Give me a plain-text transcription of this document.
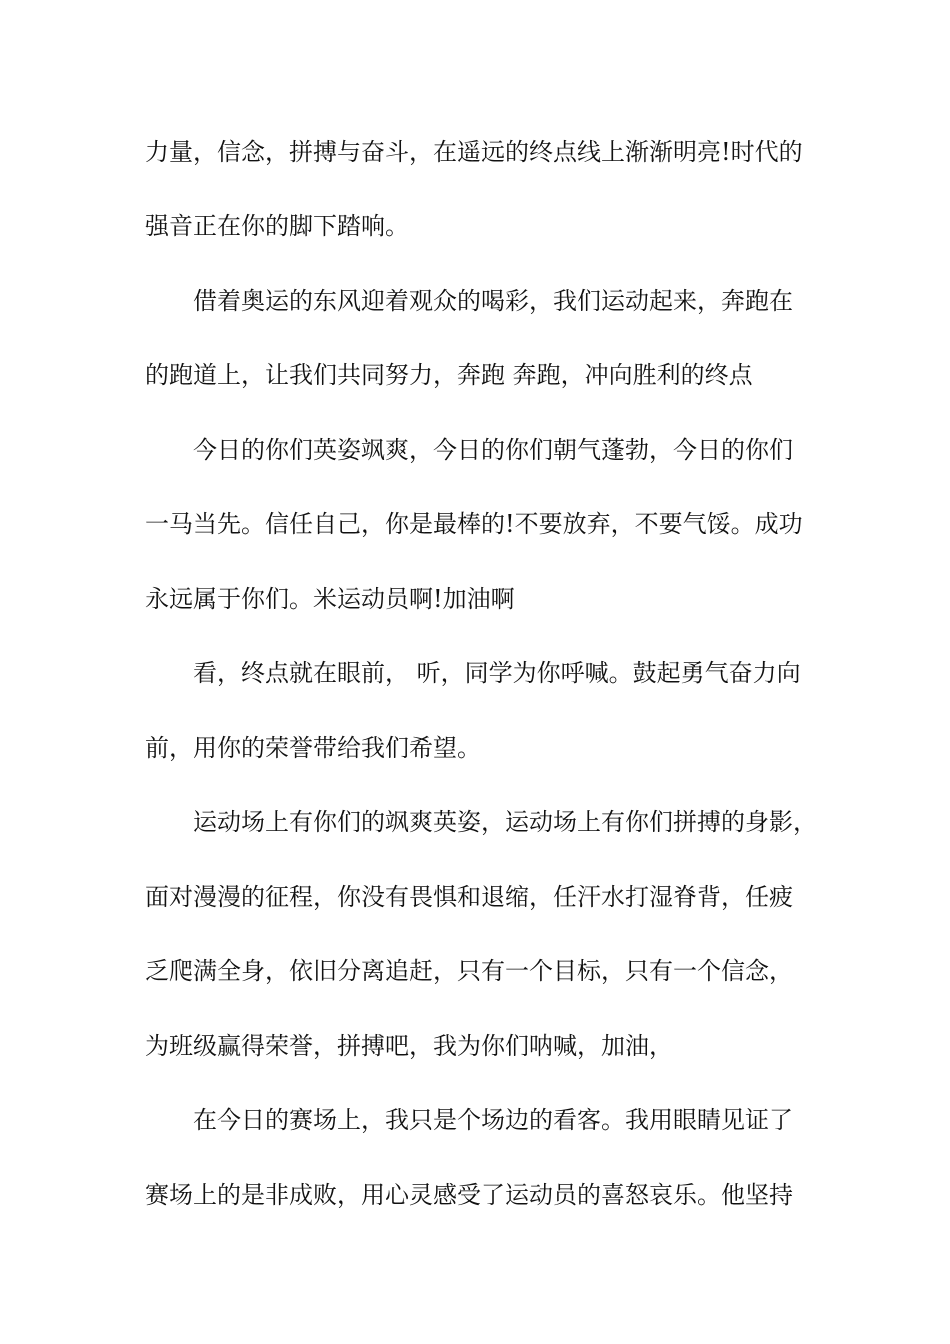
力量，信念，拼搏与奋斗，在遥远的终点线上渐渐明亮!时代的
强音正在你的脚下踏响。
借着奥运的东风迎着观众的喝彩，我们运动起来，奔跑在
的跑道上，让我们共同努力，奔跑 奔跑，冲向胜利的终点
今日的你们英姿飒爽，今日的你们朝气蓬勃，今日的你们
一马当先。信任自己，你是最棒的!不要放弃，不要气馁。成功
永远属于你们。米运动员啊!加油啊
看，终点就在眼前， 听，同学为你呼喊。鼓起勇气奋力向
前，用你的荣誉带给我们希望。
运动场上有你们的飒爽英姿，运动场上有你们拼搏的身影，
面对漫漫的征程，你没有畏惧和退缩，任汗水打湿脊背，任疲
乏爬满全身，依旧分离追赶，只有一个目标，只有一个信念，
为班级赢得荣誉，拼搏吧，我为你们呐喊，加油，
在今日的赛场上，我只是个场边的看客。我用眼睛见证了
赛场上的是非成败，用心灵感受了运动员的喜怒哀乐。他坚持
